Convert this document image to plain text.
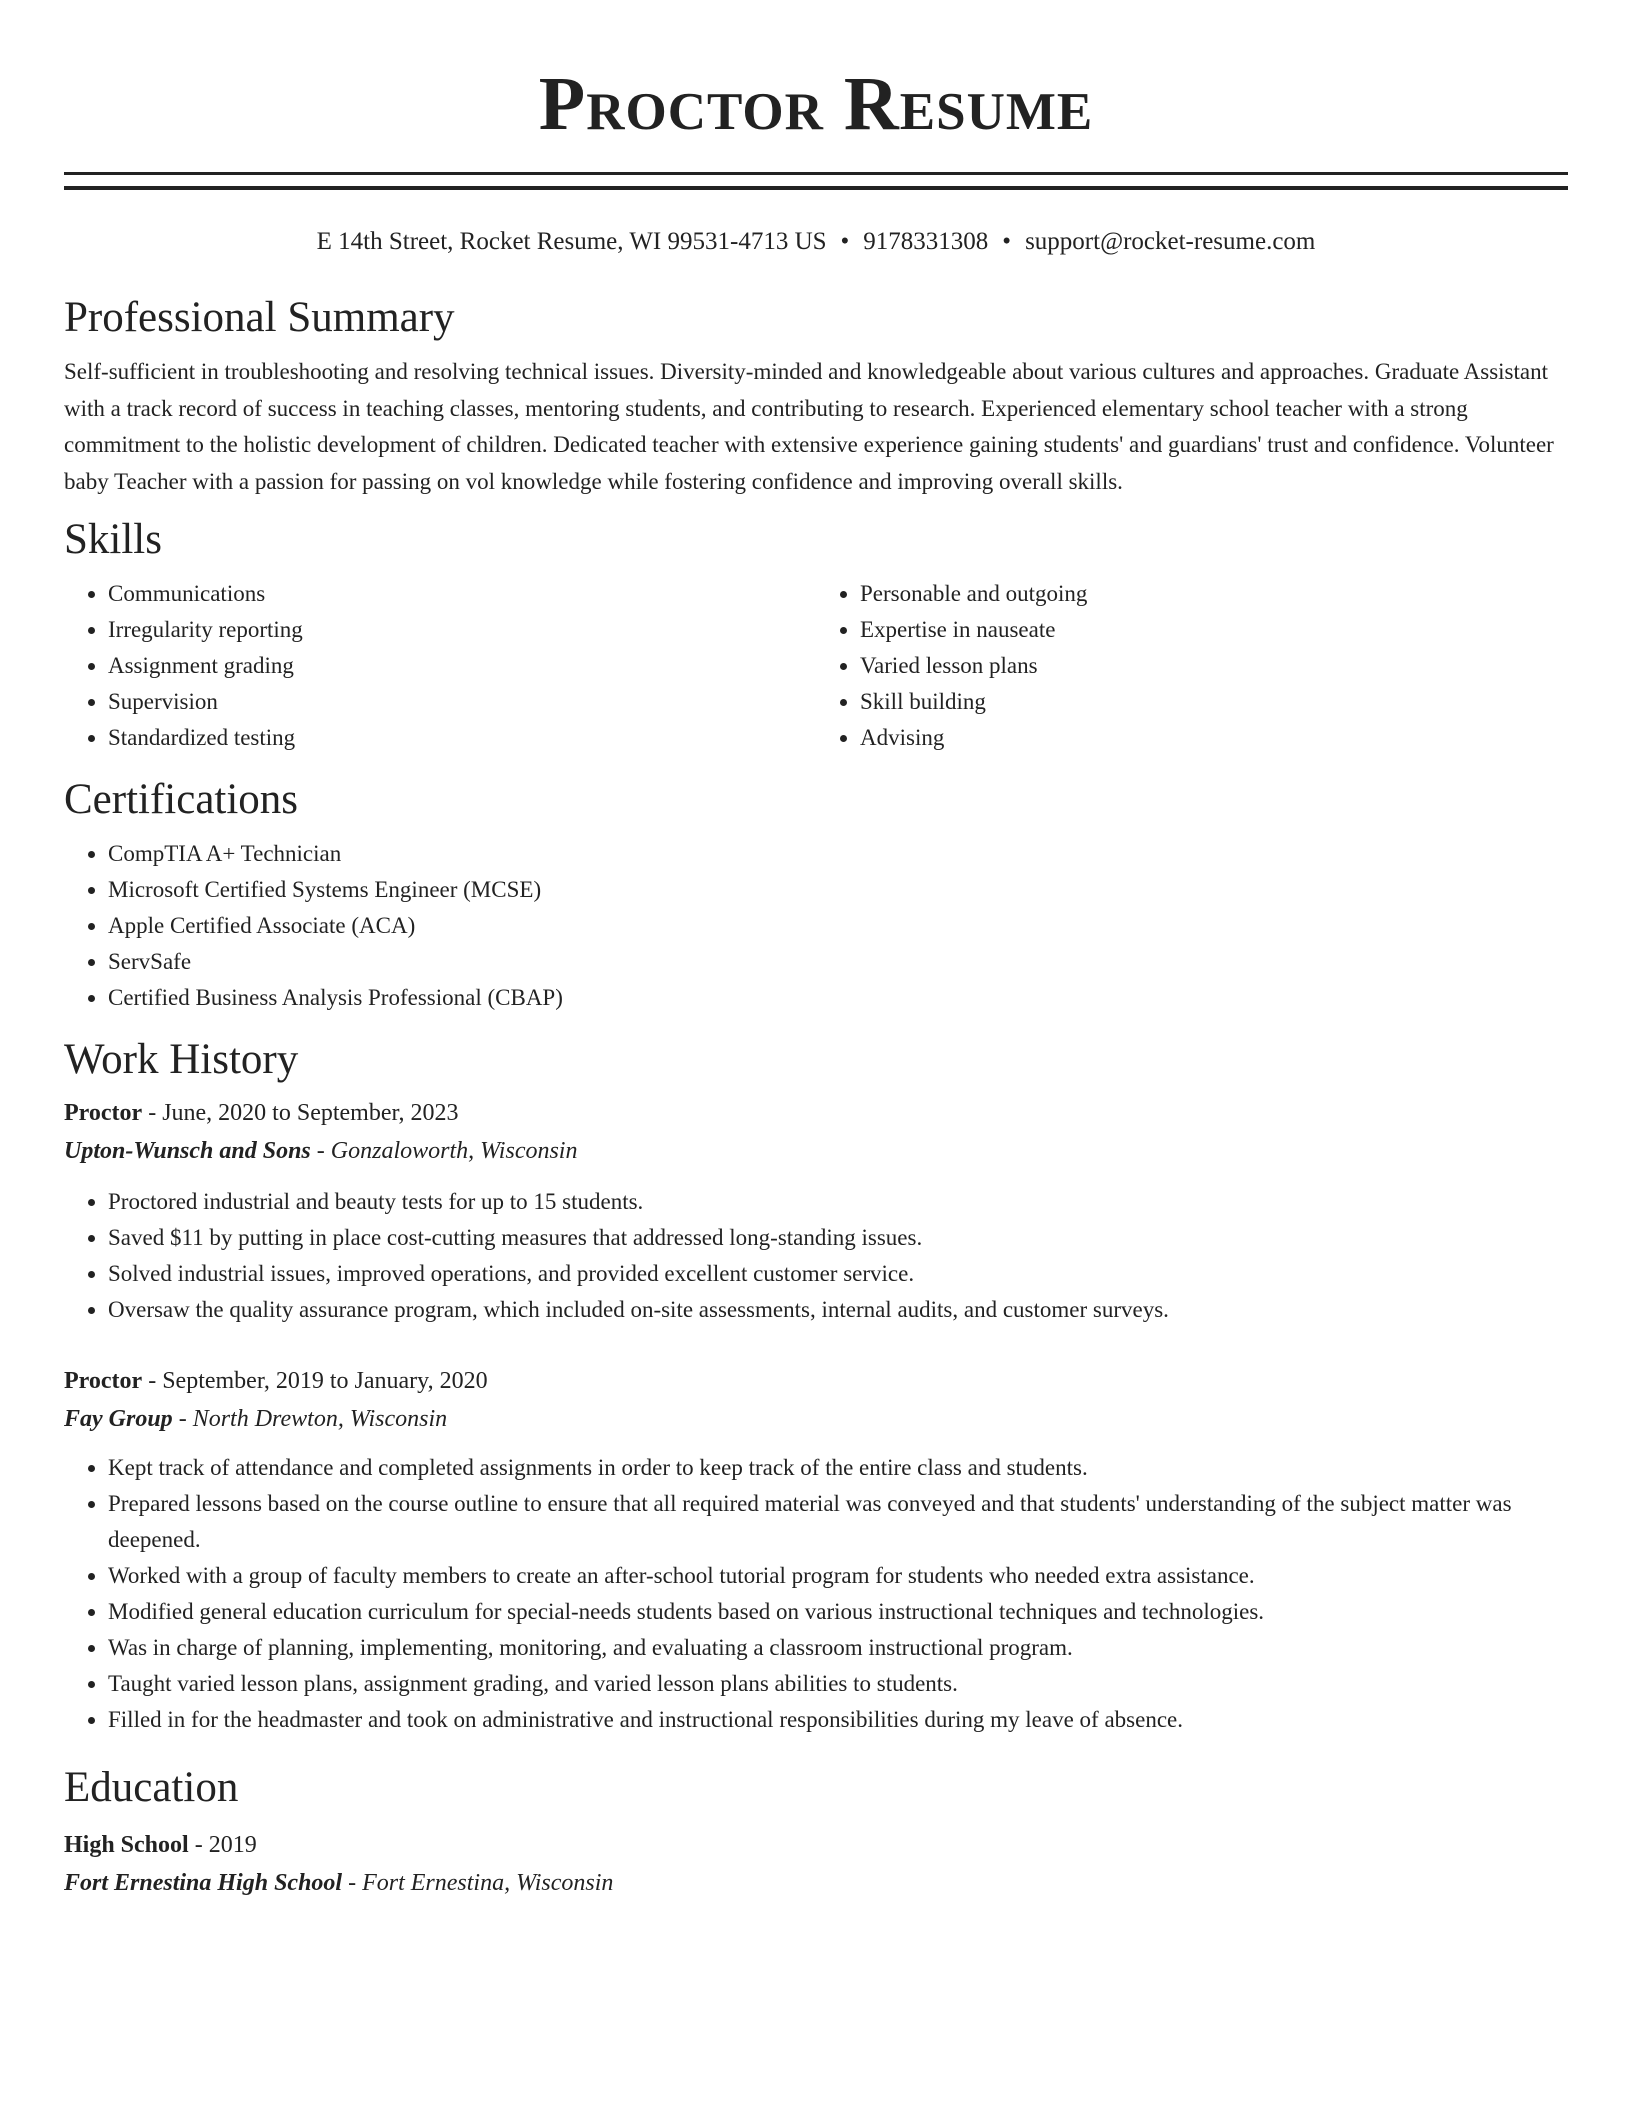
Proctor Resume
E 14th Street, Rocket Resume, WI 99531-4713 US • 9178331308 • support@rocket-resume.com
Professional Summary

Self-sufficient in troubleshooting and resolving technical issues. Diversity-minded and knowledgeable about various cultures and approaches. Graduate Assistant with a track record of success in teaching classes, mentoring students, and contributing to research. Experienced elementary school teacher with a strong commitment to the holistic development of children. Dedicated teacher with extensive experience gaining students' and guardians' trust and confidence. Volunteer baby Teacher with a passion for passing on vol knowledge while fostering confidence and improving overall skills.

Skills
• Communications
• Irregularity reporting
• Assignment grading
• Supervision
• Standardized testing
• Personable and outgoing
• Expertise in nauseate
• Varied lesson plans
• Skill building
• Advising
Certifications
• CompTIA A+ Technician
• Microsoft Certified Systems Engineer (MCSE)
• Apple Certified Associate (ACA)
• ServSafe
• Certified Business Analysis Professional (CBAP)
Work History
Proctor - June, 2020 to September, 2023
Upton-Wunsch and Sons - Gonzaloworth, Wisconsin
• Proctored industrial and beauty tests for up to 15 students.
• Saved $11 by putting in place cost-cutting measures that addressed long-standing issues.
• Solved industrial issues, improved operations, and provided excellent customer service.
• Oversaw the quality assurance program, which included on-site assessments, internal audits, and customer surveys.
Proctor - September, 2019 to January, 2020
Fay Group - North Drewton, Wisconsin
• Kept track of attendance and completed assignments in order to keep track of the entire class and students.
• Prepared lessons based on the course outline to ensure that all required material was conveyed and that students' understanding of the subject matter was deepened.
• Worked with a group of faculty members to create an after-school tutorial program for students who needed extra assistance.
• Modified general education curriculum for special-needs students based on various instructional techniques and technologies.
• Was in charge of planning, implementing, monitoring, and evaluating a classroom instructional program.
• Taught varied lesson plans, assignment grading, and varied lesson plans abilities to students.
• Filled in for the headmaster and took on administrative and instructional responsibilities during my leave of absence.
Education
High School - 2019
Fort Ernestina High School - Fort Ernestina, Wisconsin
